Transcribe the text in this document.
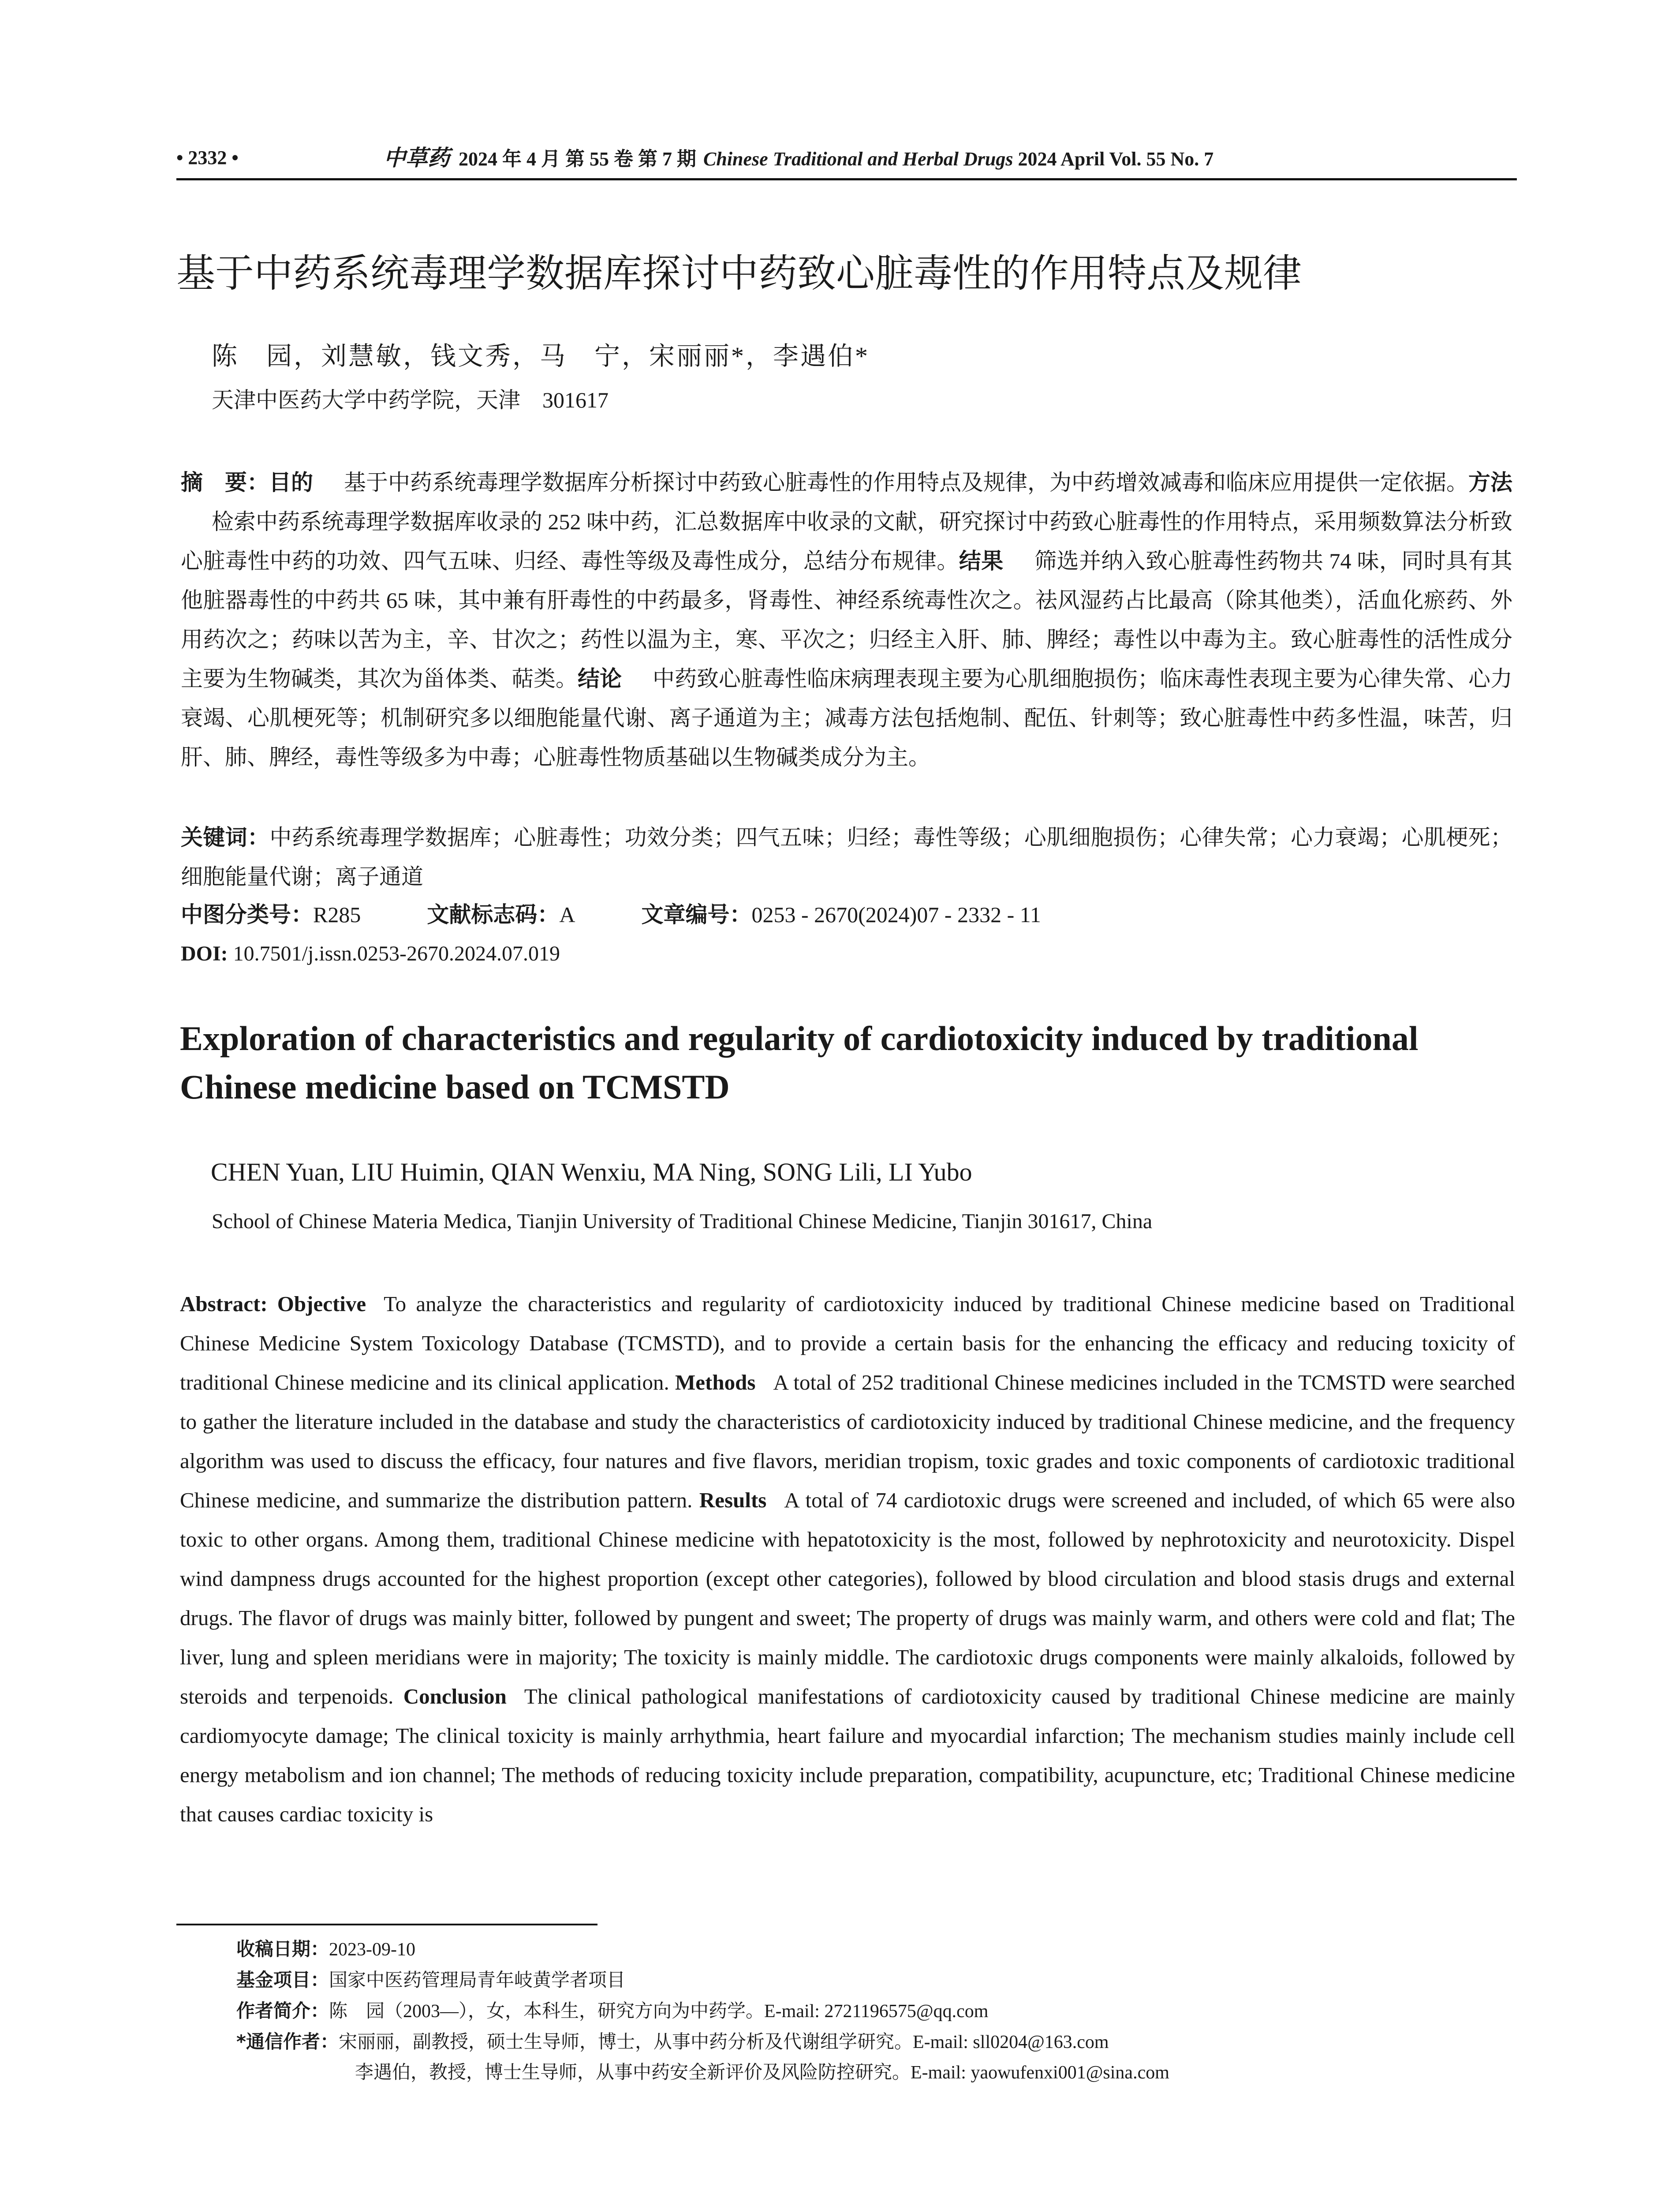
• 2332 •	中草药 2024 年 4 月 第 55 卷 第 7 期 Chinese Traditional and Herbal Drugs 2024 April Vol. 55 No. 7
基于中药系统毒理学数据库探讨中药致心脏毒性的作用特点及规律
陈　园，刘慧敏，钱文秀，马　宁，宋丽丽*，李遇伯*
天津中医药大学中药学院，天津　301617
摘　要：目的 基于中药系统毒理学数据库分析探讨中药致心脏毒性的作用特点及规律，为中药增效减毒和临床应用提供一定依据。方法检索中药系统毒理学数据库收录的 252 味中药，汇总数据库中收录的文献，研究探讨中药致心脏毒性的作用特点，采用频数算法分析致心脏毒性中药的功效、四气五味、归经、毒性等级及毒性成分，总结分布规律。结果 筛选并纳入致心脏毒性药物共 74 味，同时具有其他脏器毒性的中药共 65 味，其中兼有肝毒性的中药最多，肾毒性、神经系统毒性次之。祛风湿药占比最高（除其他类），活血化瘀药、外用药次之；药味以苦为主，辛、甘次之；药性以温为主，寒、平次之；归经主入肝、肺、脾经；毒性以中毒为主。致心脏毒性的活性成分主要为生物碱类，其次为甾体类、萜类。结论 中药致心脏毒性临床病理表现主要为心肌细胞损伤；临床毒性表现主要为心律失常、心力衰竭、心肌梗死等；机制研究多以细胞能量代谢、离子通道为主；减毒方法包括炮制、配伍、针刺等；致心脏毒性中药多性温，味苦，归肝、肺、脾经，毒性等级多为中毒；心脏毒性物质基础以生物碱类成分为主。
关键词：中药系统毒理学数据库；心脏毒性；功效分类；四气五味；归经；毒性等级；心肌细胞损伤；心律失常；心力衰竭；心肌梗死；细胞能量代谢；离子通道
中图分类号：R285	文献标志码：A	文章编号：0253 - 2670(2024)07 - 2332 - 11
DOI: 10.7501/j.issn.0253-2670.2024.07.019
Exploration of characteristics and regularity of cardiotoxicity induced by traditional Chinese medicine based on TCMSTD
CHEN Yuan, LIU Huimin, QIAN Wenxiu, MA Ning, SONG Lili, LI Yubo
School of Chinese Materia Medica, Tianjin University of Traditional Chinese Medicine, Tianjin 301617, China
Abstract: Objective To analyze the characteristics and regularity of cardiotoxicity induced by traditional Chinese medicine based on Traditional Chinese Medicine System Toxicology Database (TCMSTD), and to provide a certain basis for the enhancing the efficacy and reducing toxicity of traditional Chinese medicine and its clinical application. Methods A total of 252 traditional Chinese medicines included in the TCMSTD were searched to gather the literature included in the database and study the characteristics of cardiotoxicity induced by traditional Chinese medicine, and the frequency algorithm was used to discuss the efficacy, four natures and five flavors, meridian tropism, toxic grades and toxic components of cardiotoxic traditional Chinese medicine, and summarize the distribution pattern. Results A total of 74 cardiotoxic drugs were screened and included, of which 65 were also toxic to other organs. Among them, traditional Chinese medicine with hepatotoxicity is the most, followed by nephrotoxicity and neurotoxicity. Dispel wind dampness drugs accounted for the highest proportion (except other categories), followed by blood circulation and blood stasis drugs and external drugs. The flavor of drugs was mainly bitter, followed by pungent and sweet; The property of drugs was mainly warm, and others were cold and flat; The liver, lung and spleen meridians were in majority; The toxicity is mainly middle. The cardiotoxic drugs components were mainly alkaloids, followed by steroids and terpenoids. Conclusion The clinical pathological manifestations of cardiotoxicity caused by traditional Chinese medicine are mainly cardiomyocyte damage; The clinical toxicity is mainly arrhythmia, heart failure and myocardial infarction; The mechanism studies mainly include cell energy metabolism and ion channel; The methods of reducing toxicity include preparation, compatibility, acupuncture, etc; Traditional Chinese medicine that causes cardiac toxicity is
收稿日期：2023-09-10
基金项目：国家中医药管理局青年岐黄学者项目
作者简介：陈　园（2003—），女，本科生，研究方向为中药学。E-mail: 2721196575@qq.com
*通信作者：宋丽丽，副教授，硕士生导师，博士，从事中药分析及代谢组学研究。E-mail: sll0204@163.com
李遇伯，教授，博士生导师，从事中药安全新评价及风险防控研究。E-mail: yaowufenxi001@sina.com
